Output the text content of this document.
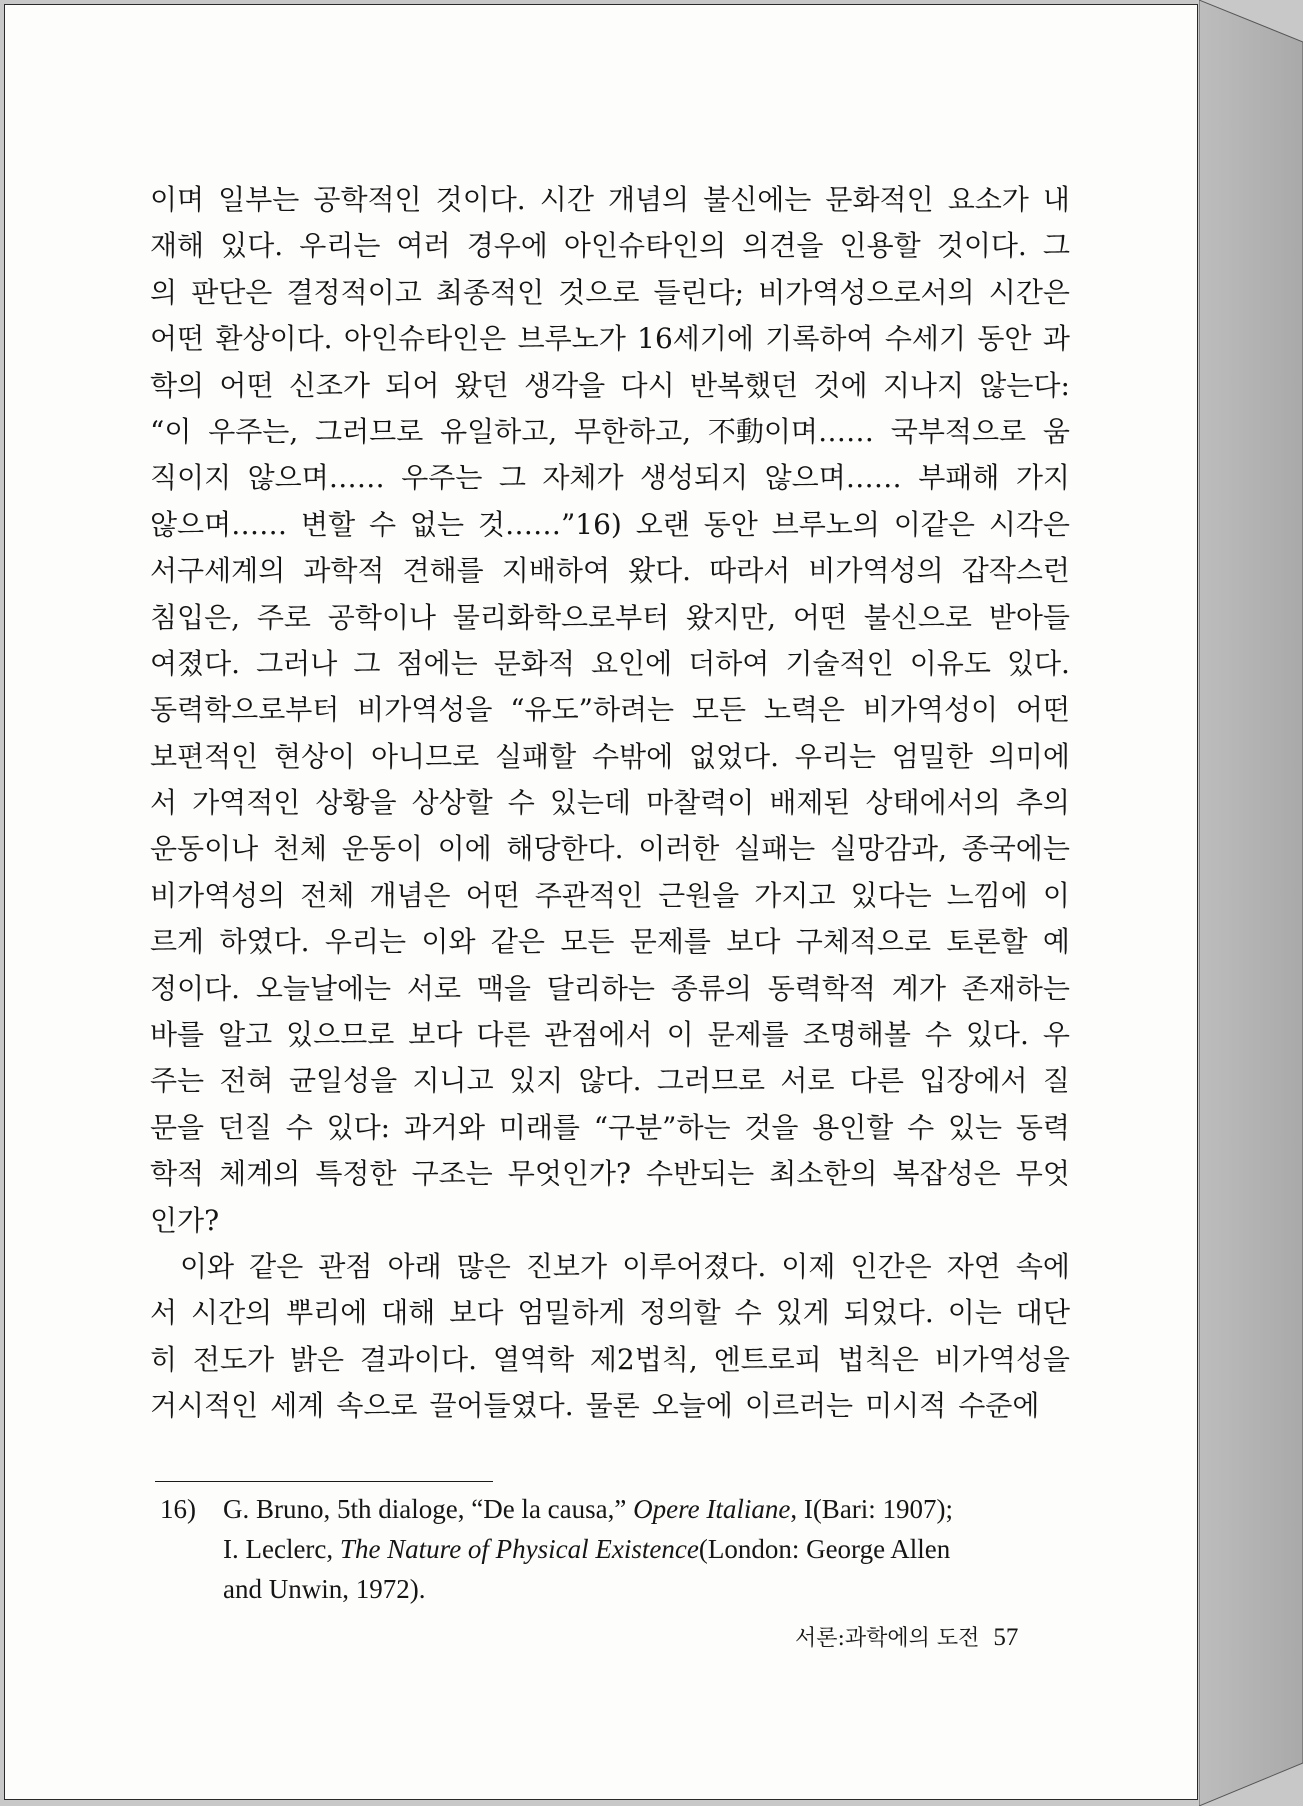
이며 일부는 공학적인 것이다. 시간 개념의 불신에는 문화적인 요소가 내
재해 있다. 우리는 여러 경우에 아인슈타인의 의견을 인용할 것이다. 그
의 판단은 결정적이고 최종적인 것으로 들린다; 비가역성으로서의 시간은
어떤 환상이다. 아인슈타인은 브루노가 16세기에 기록하여 수세기 동안 과
학의 어떤 신조가 되어 왔던 생각을 다시 반복했던 것에 지나지 않는다:
“이 우주는, 그러므로 유일하고, 무한하고, 不動이며…… 국부적으로 움
직이지 않으며…… 우주는 그 자체가 생성되지 않으며…… 부패해 가지
않으며…… 변할 수 없는 것……”16) 오랜 동안 브루노의 이같은 시각은
서구세계의 과학적 견해를 지배하여 왔다. 따라서 비가역성의 갑작스런
침입은, 주로 공학이나 물리화학으로부터 왔지만, 어떤 불신으로 받아들
여졌다. 그러나 그 점에는 문화적 요인에 더하여 기술적인 이유도 있다.
동력학으로부터 비가역성을 “유도”하려는 모든 노력은 비가역성이 어떤
보편적인 현상이 아니므로 실패할 수밖에 없었다. 우리는 엄밀한 의미에
서 가역적인 상황을 상상할 수 있는데 마찰력이 배제된 상태에서의 추의
운동이나 천체 운동이 이에 해당한다. 이러한 실패는 실망감과, 종국에는
비가역성의 전체 개념은 어떤 주관적인 근원을 가지고 있다는 느낌에 이
르게 하였다. 우리는 이와 같은 모든 문제를 보다 구체적으로 토론할 예
정이다. 오늘날에는 서로 맥을 달리하는 종류의 동력학적 계가 존재하는
바를 알고 있으므로 보다 다른 관점에서 이 문제를 조명해볼 수 있다. 우
주는 전혀 균일성을 지니고 있지 않다. 그러므로 서로 다른 입장에서 질
문을 던질 수 있다: 과거와 미래를 “구분”하는 것을 용인할 수 있는 동력
학적 체계의 특정한 구조는 무엇인가? 수반되는 최소한의 복잡성은 무엇
인가?
이와 같은 관점 아래 많은 진보가 이루어졌다. 이제 인간은 자연 속에
서 시간의 뿌리에 대해 보다 엄밀하게 정의할 수 있게 되었다. 이는 대단
히 전도가 밝은 결과이다. 열역학 제2법칙, 엔트로피 법칙은 비가역성을
거시적인 세계 속으로 끌어들였다. 물론 오늘에 이르러는 미시적 수준에
16) G. Bruno, 5th dialoge, “De la causa,” Opere Italiane, I(Bari: 1907);
I. Leclerc, The Nature of Physical Existence(London: George Allen
and Unwin, 1972).
서론:과학에의 도전 57
